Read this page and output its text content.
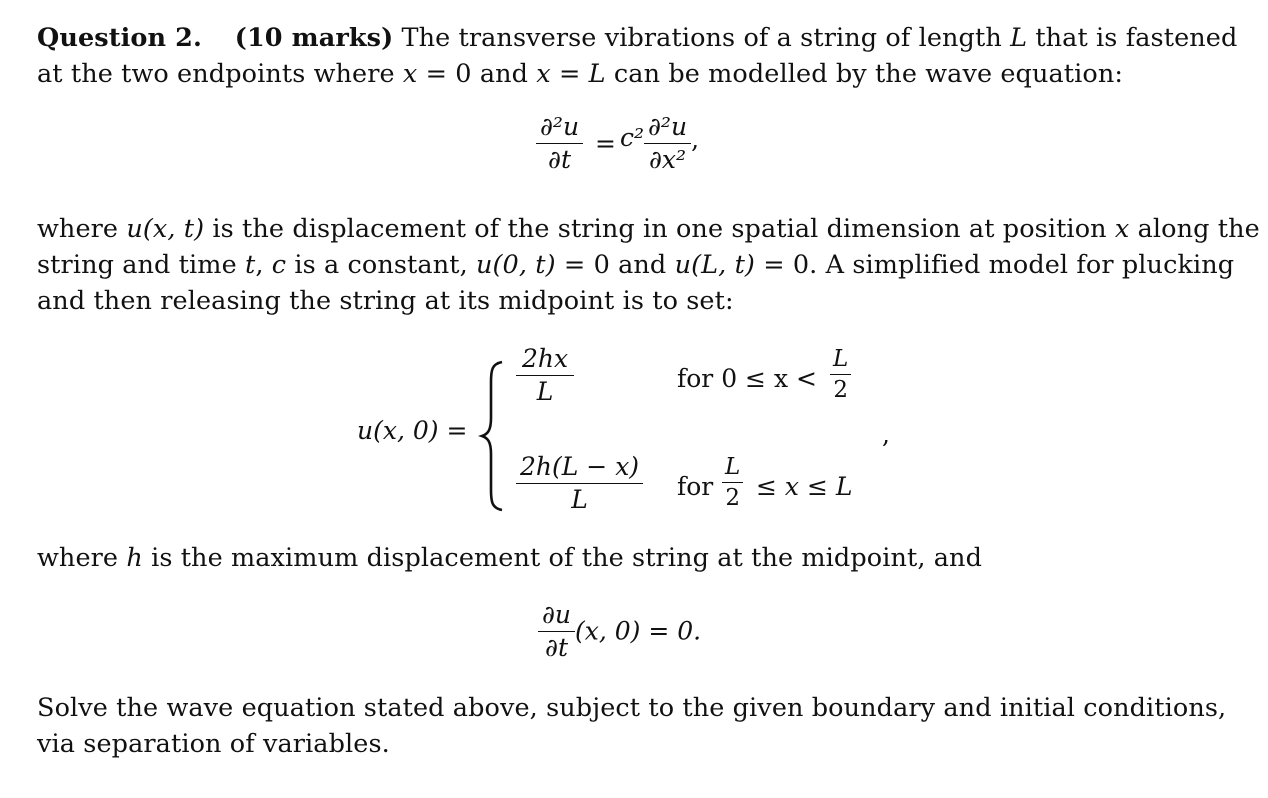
Question 2. (10 marks) The transverse vibrations of a string of length L that is fastened
at the two endpoints where x = 0 and x = L can be modelled by the wave equation:
$\frac{\text{∂²u}}{\partial t} = c^2 \frac{\text{∂²u}}{\text{∂x²}}$ ,
where u(x, t) is the displacement of the string in one spatial dimension at position x along the
string and time t, c is a constant, u(0, t) = 0 and u(L, t) = 0. A simplified model for plucking
and then releasing the string at its midpoint is to set:
u(x, 0) =
$\frac{2hx}{L}$	for $0 \le x < \frac{L}{2}$
,
$\frac{2h(L - x)}{L}$ for $\frac{L}{2} \le x \le L$
where h is the maximum displacement of the string at the midpoint, and
$\frac{\partial u}{\partial t} (x$, 0) = 0.
Solve the wave equation stated above, subject to the given boundary and initial conditions,
via separation of variables.
